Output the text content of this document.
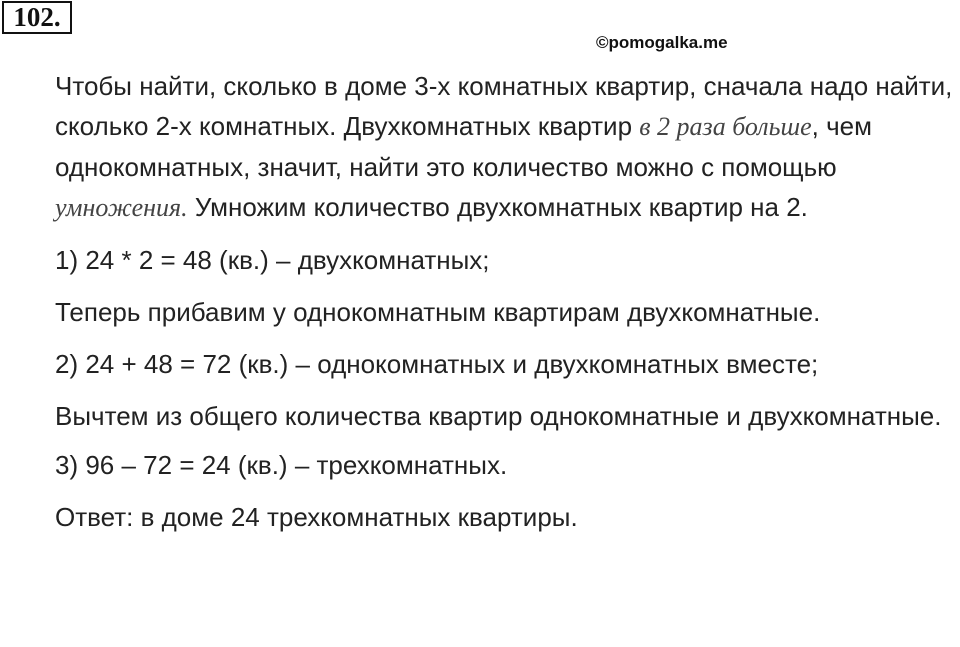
102.
©pomogalka.me

Чтобы найти, сколько в доме 3-х комнатных квартир, сначала надо найти, сколько 2-х комнатных. Двухкомнатных квартир в 2 раза больше, чем однокомнатных, значит, найти это количество можно с помощью умножения. Умножим количество двухкомнатных квартир на 2.

1) 24 * 2 = 48 (кв.) – двухкомнатных;

Теперь прибавим у однокомнатным квартирам двухкомнатные.

2) 24 + 48 = 72 (кв.) – однокомнатных и двухкомнатных вместе;

Вычтем из общего количества квартир однокомнатные и двухкомнатные.

3) 96 – 72 = 24 (кв.) – трехкомнатных.

Ответ: в доме 24 трехкомнатных квартиры.
